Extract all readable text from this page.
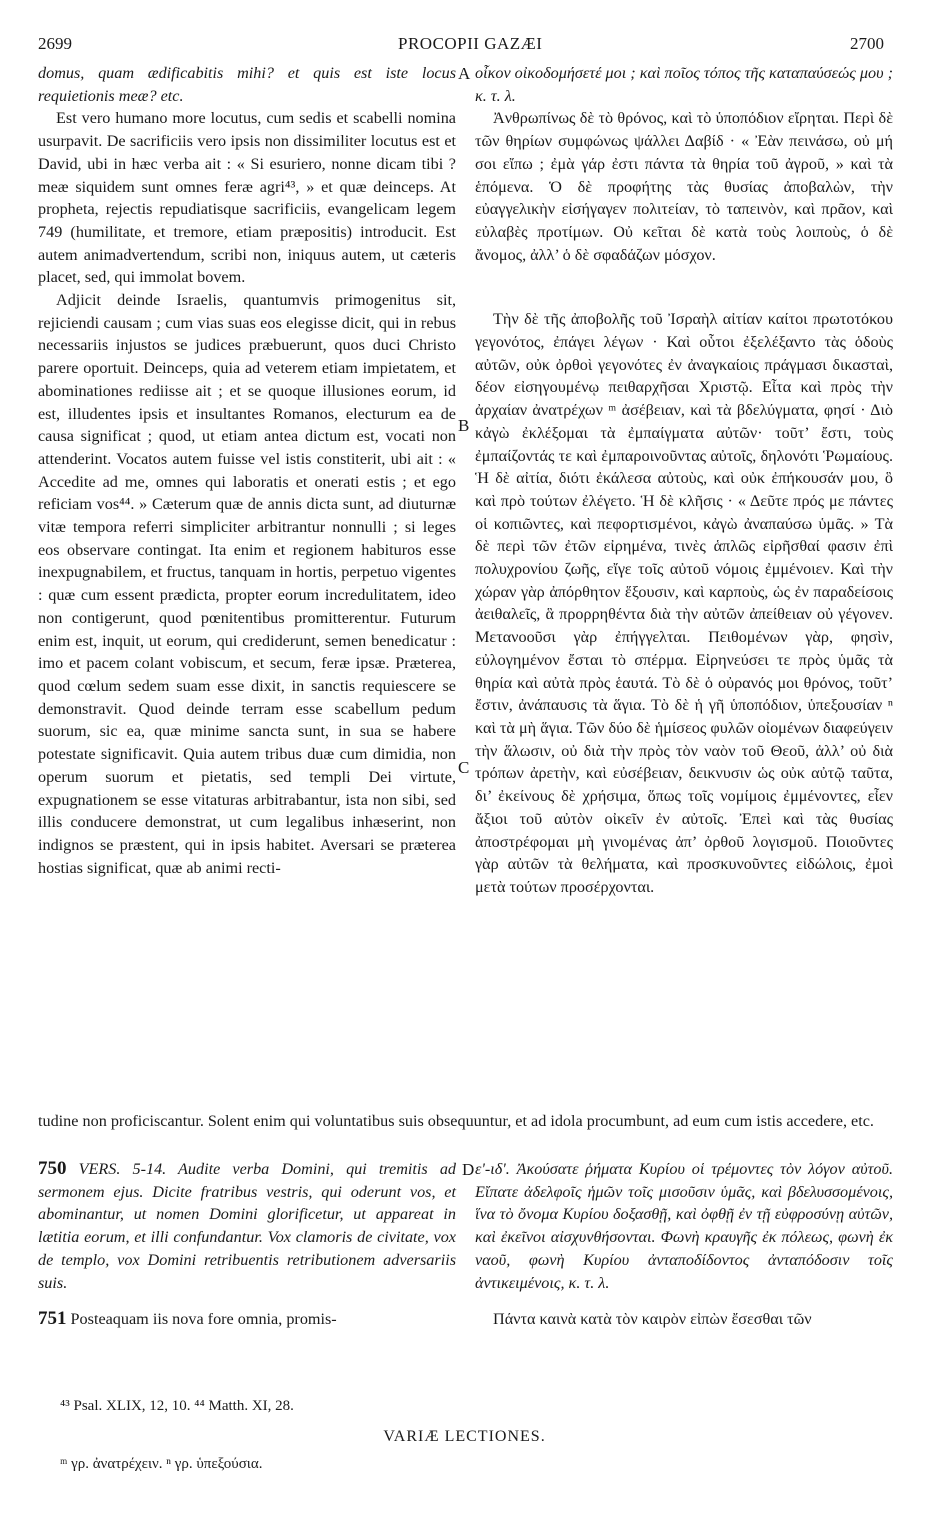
2699	PROCOPII GAZÆI	2700

domus, quam ædificabitis mihi? et quis est iste locus requietionis meæ? etc.

Est vero humano more locutus, cum sedis et scabelli nomina usurpavit. De sacrificiis vero ipsis non dissimiliter locutus est et David, ubi in hæc verba ait : « Si esuriero, nonne dicam tibi ? meæ siquidem sunt omnes feræ agri⁴³, » et quæ deinceps. At propheta, rejectis repudiatisque sacrificiis, evangelicam legem 749 (humilitate, et tremore, etiam præpositis) introducit. Est autem animadvertendum, scribi non, iniquus autem, ut cæteris placet, sed, qui immolat bovem.

Adjicit deinde Israelis, quantumvis primogenitus sit, rejiciendi causam ; cum vias suas eos elegisse dicit, qui in rebus necessariis injustos se judices præbuerunt, quos duci Christo parere oportuit. Deinceps, quia ad veterem etiam impietatem, et abominationes rediisse ait ; et se quoque illusiones eorum, id est, illudentes ipsis et insultantes Romanos, electurum ea de causa significat ; quod, ut etiam antea dictum est, vocati non attenderint. Vocatos autem fuisse vel istis constiterit, ubi ait : « Accedite ad me, omnes qui laboratis et onerati estis ; et ego reficiam vos⁴⁴. » Cæterum quæ de annis dicta sunt, ad diuturnæ vitæ tempora referri simpliciter arbitrantur nonnulli ; si leges eos observare contingat. Ita enim et regionem habituros esse inexpugnabilem, et fructus, tanquam in hortis, perpetuo vigentes : quæ cum essent prædicta, propter eorum incredulitatem, ideo non contigerunt, quod pœnitentibus promitterentur. Futurum enim est, inquit, ut eorum, qui crediderunt, semen benedicatur : imo et pacem colant vobiscum, et secum, feræ ipsæ. Præterea, quod cœlum sedem suam esse dixit, in sanctis requiescere se demonstravit. Quod deinde terram esse scabellum pedum suorum, sic ea, quæ minime sancta sunt, in sua se habere potestate significavit. Quia autem tribus duæ cum dimidia, non operum suorum et pietatis, sed templi Dei virtute, expugnationem se esse vitaturas arbitrabantur, ista non sibi, sed illis conducere demonstrat, ut cum legalibus inhæserint, non indignos se præstent, qui in ipsis habitet. Aversari se præterea hostias significat, quæ ab animi recti-

οἶκον οἰκοδομήσετέ μοι ; καὶ ποῖος τόπος τῆς καταπαύσεώς μου ; κ. τ. λ.

Ἀνθρωπίνως δὲ τὸ θρόνος, καὶ τὸ ὑποπόδιον εἴρηται. Περὶ δὲ τῶν θηρίων συμφώνως ψάλλει Δαβίδ · « Ἐὰν πεινάσω, οὐ μή σοι εἴπω ; ἐμὰ γάρ ἐστι πάντα τὰ θηρία τοῦ ἀγροῦ, » καὶ τὰ ἑπόμενα. Ὁ δὲ προφήτης τὰς θυσίας ἀποβαλὼν, τὴν εὐαγγελικὴν εἰσήγαγεν πολιτείαν, τὸ ταπεινὸν, καὶ πρᾶον, καὶ εὐλαβὲς προτίμων. Οὐ κεῖται δὲ κατὰ τοὺς λοιποὺς, ὁ δὲ ἄνομος, ἀλλ’ ὁ δὲ σφαδάζων μόσχον.

Τὴν δὲ τῆς ἀποβολῆς τοῦ Ἰσραὴλ αἰτίαν καίτοι πρωτοτόκου γεγονότος, ἐπάγει λέγων · Καὶ οὗτοι ἐξελέξαντο τὰς ὁδοὺς αὐτῶν, οὐκ ὀρθοὶ γεγονότες ἐν ἀναγκαίοις πράγμασι δικασταὶ, δέον εἰσηγουμένῳ πειθαρχῆσαι Χριστῷ. Εἶτα καὶ πρὸς τὴν ἀρχαίαν ἀνατρέχων ᵐ ἀσέβειαν, καὶ τὰ βδελύγματα, φησί · Διὸ κἀγὼ ἐκλέξομαι τὰ ἐμπαίγματα αὐτῶν· τοῦτ’ ἔστι, τοὺς ἐμπαίζοντάς τε καὶ ἐμπαροινοῦντας αὐτοῖς, δηλονότι Ῥωμαίους. Ἡ δὲ αἰτία, διότι ἐκάλεσα αὐτοὺς, καὶ οὐκ ἐπήκουσάν μου, ὃ καὶ πρὸ τούτων ἐλέγετο. Ἡ δὲ κλῆσις · « Δεῦτε πρός με πάντες οἱ κοπιῶντες, καὶ πεφορτισμένοι, κἀγὼ ἀναπαύσω ὑμᾶς. » Τὰ δὲ περὶ τῶν ἐτῶν εἰρημένα, τινὲς ἁπλῶς εἰρῆσθαί φασιν ἐπὶ πολυχρονίου ζωῆς, εἴγε τοῖς αὐτοῦ νόμοις ἐμμένοιεν. Καὶ τὴν χώραν γὰρ ἀπόρθητον ἕξουσιν, καὶ καρποὺς, ὡς ἐν παραδείσοις ἀειθαλεῖς, ἃ προρρηθέντα διὰ τὴν αὐτῶν ἀπείθειαν οὐ γέγονεν. Μετανοοῦσι γὰρ ἐπήγγελται. Πειθομένων γὰρ, φησὶν, εὐλογημένον ἔσται τὸ σπέρμα. Εἰρηνεύσει τε πρὸς ὑμᾶς τὰ θηρία καὶ αὐτὰ πρὸς ἑαυτά. Τὸ δὲ ὁ οὐρανός μοι θρόνος, τοῦτ’ ἔστιν, ἀνάπαυσις τὰ ἅγια. Τὸ δὲ ἡ γῆ ὑποπόδιον, ὑπεξουσίαν ⁿ καὶ τὰ μὴ ἅγια. Τῶν δύο δὲ ἡμίσεος φυλῶν οἰομένων διαφεύγειν τὴν ἅλωσιν, οὐ διὰ τὴν πρὸς τὸν ναὸν τοῦ Θεοῦ, ἀλλ’ οὐ διὰ τρόπων ἀρετὴν, καὶ εὐσέβειαν, δεικνυσιν ὡς οὐκ αὐτῷ ταῦτα, δι’ ἐκείνους δὲ χρήσιμα, ὅπως τοῖς νομίμοις ἐμμένοντες, εἶεν ἄξιοι τοῦ αὐτὸν οἰκεῖν ἐν αὐτοῖς. Ἐπεὶ καὶ τὰς θυσίας ἀποστρέφομαι μὴ γινομένας ἀπ’ ὀρθοῦ λογισμοῦ. Ποιοῦντες γὰρ αὐτῶν τὰ θελήματα, καὶ προσκυνοῦντες εἰδώλοις, ἐμοὶ μετὰ τούτων προσέρχονται.

A
B
C
D
tudine non proficiscantur. Solent enim qui voluntatibus suis obsequuntur, et ad idola procumbunt, ad eum cum istis accedere, etc.

750 VERS. 5-14. Audite verba Domini, qui tremitis ad sermonem ejus. Dicite fratribus vestris, qui oderunt vos, et abominantur, ut nomen Domini glorificetur, ut appareat in lætitia eorum, et illi confundantur. Vox clamoris de civitate, vox de templo, vox Domini retribuentis retributionem adversariis suis.

751 Posteaquam iis nova fore omnia, promis-

ε'-ιδ'. Ἀκούσατε ῥήματα Κυρίου οἱ τρέμοντες τὸν λόγον αὐτοῦ. Εἴπατε ἀδελφοῖς ἡμῶν τοῖς μισοῦσιν ὑμᾶς, καὶ βδελυσσομένοις, ἵνα τὸ ὄνομα Κυρίου δοξασθῇ, καὶ ὀφθῇ ἐν τῇ εὐφροσύνῃ αὐτῶν, καὶ ἐκεῖνοι αἰσχυνθήσονται. Φωνὴ κραυγῆς ἐκ πόλεως, φωνὴ ἐκ ναοῦ, φωνὴ Κυρίου ἀνταποδίδοντος ἀνταπόδοσιν τοῖς ἀντικειμένοις, κ. τ. λ.

Πάντα καινὰ κατὰ τὸν καιρὸν εἰπὼν ἔσεσθαι τῶν

⁴³ Psal. XLIX, 12, 10. ⁴⁴ Matth. XI, 28.
VARIÆ LECTIONES.
ᵐ γρ. ἀνατρέχειν. ⁿ γρ. ὑπεξούσια.
